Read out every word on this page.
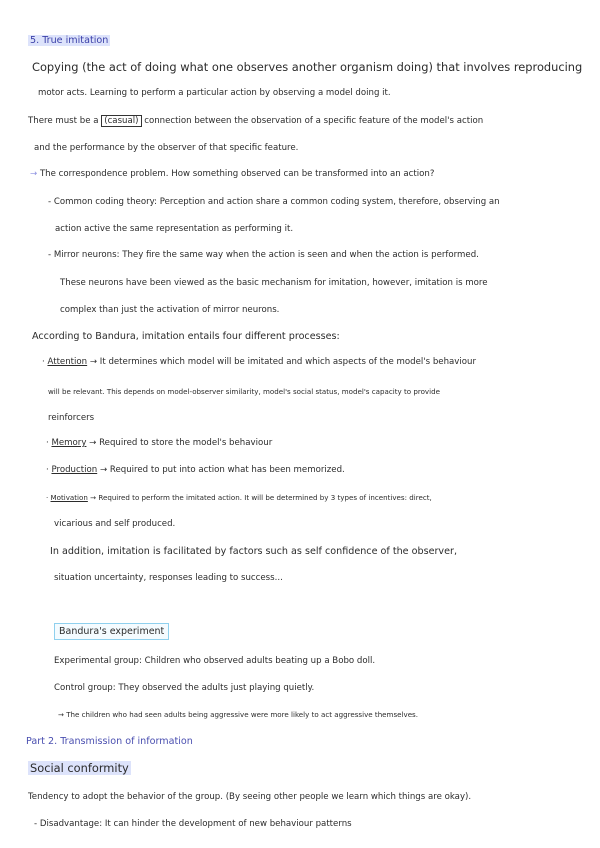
5. True imitation
Copying (the act of doing what one observes another organism doing) that involves reproducing
motor acts. Learning to perform a particular action by observing a model doing it.
There must be a (casual) connection between the observation of a specific feature of the model's action
and the performance by the observer of that specific feature.
→ The correspondence problem. How something observed can be transformed into an action?
- Common coding theory: Perception and action share a common coding system, therefore, observing an
action active the same representation as performing it.
- Mirror neurons: They fire the same way when the action is seen and when the action is performed.
These neurons have been viewed as the basic mechanism for imitation, however, imitation is more
complex than just the activation of mirror neurons.
According to Bandura, imitation entails four different processes:
· Attention → It determines which model will be imitated and which aspects of the model's behaviour
will be relevant. This depends on model-observer similarity, model's social status, model's capacity to provide
reinforcers
· Memory → Required to store the model's behaviour
· Production → Required to put into action what has been memorized.
· Motivation → Required to perform the imitated action. It will be determined by 3 types of incentives: direct,
vicarious and self produced.
In addition, imitation is facilitated by factors such as self confidence of the observer,
situation uncertainty, responses leading to success...
Bandura's experiment
Experimental group: Children who observed adults beating up a Bobo doll.
Control group: They observed the adults just playing quietly.
→ The children who had seen adults being aggressive were more likely to act aggressive themselves.
Part 2. Transmission of information
Social conformity
Tendency to adopt the behavior of the group. (By seeing other people we learn which things are okay).
- Disadvantage: It can hinder the development of new behaviour patterns
